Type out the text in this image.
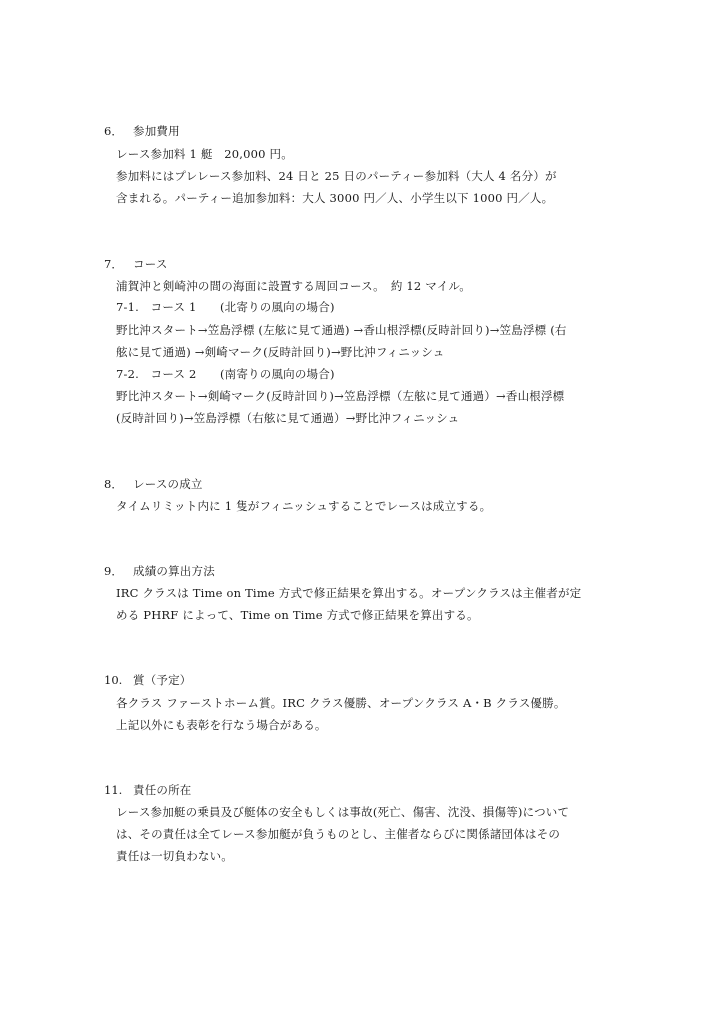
6． 参加費用
レース参加料 1 艇　20,000 円。
参加料にはプレレース参加料、24 日と 25 日のパーティー参加料（大人 4 名分）が
含まれる。パーティー追加参加料：大人 3000 円／人、小学生以下 1000 円／人。
7． コース
浦賀沖と剣崎沖の間の海面に設置する周回コース。　約 12 マイル。
7-1.　コース 1　　(北寄りの風向の場合)
野比沖スタート→笠島浮標 (左舷に見て通過) →香山根浮標(反時計回り)→笠島浮標 (右
舷に見て通過) →剣崎マーク(反時計回り)→野比沖フィニッシュ
7-2.　コース 2　　(南寄りの風向の場合)
野比沖スタート→剣崎マーク(反時計回り)→笠島浮標（左舷に見て通過）→香山根浮標
(反時計回り)→笠島浮標（右舷に見て通過）→野比沖フィニッシュ
8． レースの成立
タイムリミット内に 1 隻がフィニッシュすることでレースは成立する。
9． 成績の算出方法
IRC クラスは Time on Time 方式で修正結果を算出する。オープンクラスは主催者が定
める PHRF によって、Time on Time 方式で修正結果を算出する。
10. 賞（予定）
各クラス ファーストホーム賞。IRC クラス優勝、オープンクラス A・B クラス優勝。
上記以外にも表彰を行なう場合がある。
11. 責任の所在
レース参加艇の乗員及び艇体の安全もしくは事故(死亡、傷害、沈没、損傷等)について
は、その責任は全てレース参加艇が負うものとし、主催者ならびに関係諸団体はその
責任は一切負わない。
